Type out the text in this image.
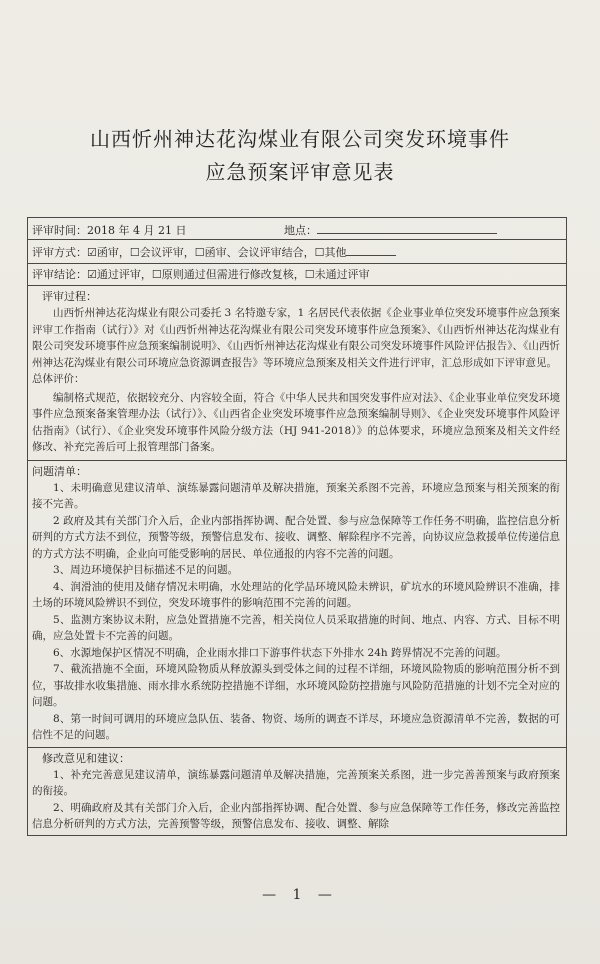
山西忻州神达花沟煤业有限公司突发环境事件
应急预案评审意见表
评审时间：2018 年 4 月 21 日	地点：
评审方式：☑函审，☐会议评审，☐函审、会议评审结合，☐其他
评审结论：☑通过评审，☐原则通过但需进行修改复核，☐未通过评审
评审过程：

山西忻州神达花沟煤业有限公司委托 3 名特邀专家，1 名居民代表依据《企业事业单位突发环境事件应急预案评审工作指南（试行）》对《山西忻州神达花沟煤业有限公司突发环境事件应急预案》、《山西忻州神达花沟煤业有限公司突发环境事件应急预案编制说明》、《山西忻州神达花沟煤业有限公司突发环境事件风险评估报告》、《山西忻州神达花沟煤业有限公司环境应急资源调查报告》等环境应急预案及相关文件进行评审，汇总形成如下评审意见。

总体评价：

编制格式规范，依据较充分、内容较全面，符合《中华人民共和国突发事件应对法》、《企业事业单位突发环境事件应急预案备案管理办法（试行）》、《山西省企业突发环境事件应急预案编制导则》、《企业突发环境事件风险评估指南》（试行）、《企业突发环境事件风险分级方法（HJ 941-2018）》的总体要求，环境应急预案及相关文件经修改、补充完善后可上报管理部门备案。

问题清单：

1、未明确意见建议清单、演练暴露问题清单及解决措施，预案关系图不完善，环境应急预案与相关预案的衔接不完善。

2 政府及其有关部门介入后，企业内部指挥协调、配合处置、参与应急保障等工作任务不明确，监控信息分析研判的方式方法不到位，预警等级，预警信息发布、接收、调整、解除程序不完善，向协议应急救援单位传递信息的方式方法不明确，企业向可能受影响的居民、单位通报的内容不完善的问题。

3、周边环境保护目标描述不足的问题。

4、润滑油的使用及储存情况未明确，水处理站的化学品环境风险未辨识，矿坑水的环境风险辨识不准确，排土场的环境风险辨识不到位，突发环境事件的影响范围不完善的问题。

5、监测方案协议未附，应急处置措施不完善，相关岗位人员采取措施的时间、地点、内容、方式、目标不明确，应急处置卡不完善的问题。

6、水源地保护区情况不明确，企业雨水排口下游事件状态下外排水 24h 跨界情况不完善的问题。

7、截流措施不全面，环境风险物质从释放源头到受体之间的过程不详细，环境风险物质的影响范围分析不到位，事故排水收集措施、雨水排水系统防控措施不详细，水环境风险防控措施与风险防范措施的计划不完全对应的问题。

8、第一时间可调用的环境应急队伍、装备、物资、场所的调查不详尽，环境应急资源清单不完善，数据的可信性不足的问题。

修改意见和建议：

1、补充完善意见建议清单，演练暴露问题清单及解决措施，完善预案关系图，进一步完善善预案与政府预案的衔接。

2、明确政府及其有关部门介入后，企业内部指挥协调、配合处置、参与应急保障等工作任务，修改完善监控信息分析研判的方式方法，完善预警等级，预警信息发布、接收、调整、解除

— 1 —
